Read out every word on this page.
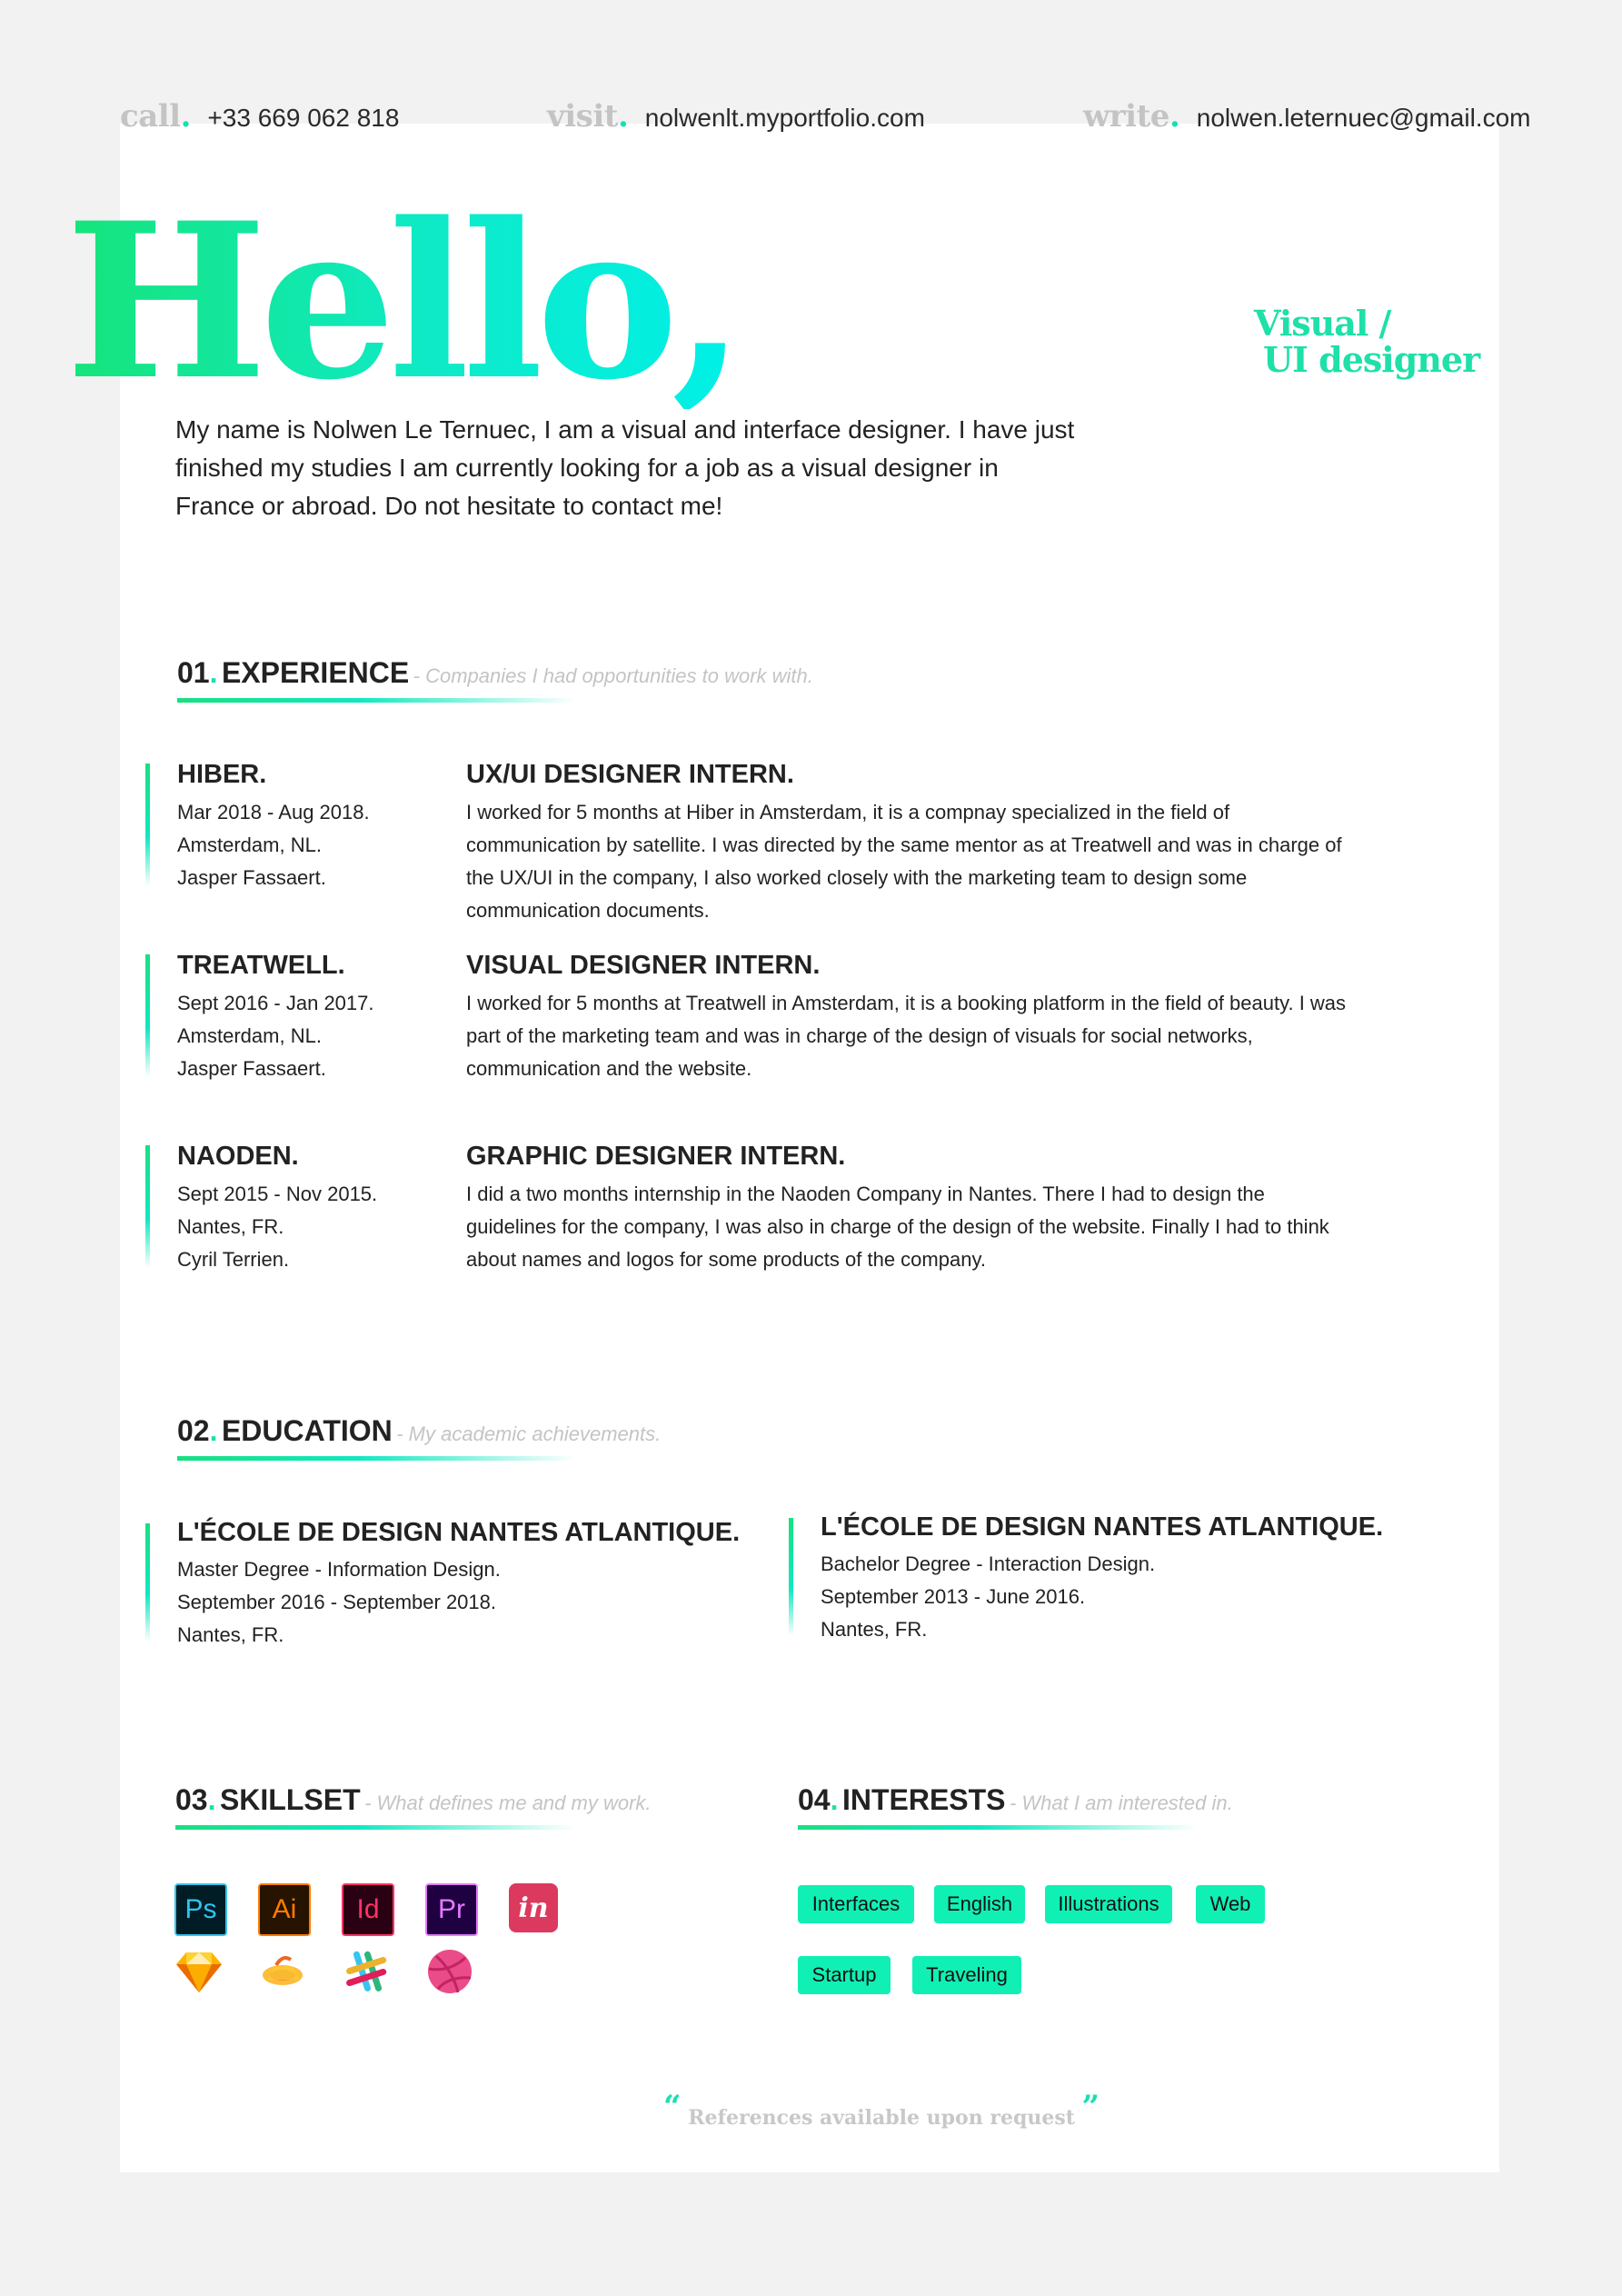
call . +33 669 062 818	visit . nolwenlt.myportfolio.com	write . nolwen.leternuec@gmail.com
Hello,	Visual /
UI designer
My name is Nolwen Le Ternuec, I am a visual and interface designer. I have just finished my studies I am currently looking for a job as a visual designer in France or abroad. Do not hesitate to contact me!
01. EXPERIENCE - Companies I had opportunities to work with.
HIBER.
Mar 2018 - Aug 2018.
Amsterdam, NL.
Jasper Fassaert.
UX/UI DESIGNER INTERN.
I worked for 5 months at Hiber in Amsterdam, it is a compnay specialized in the field of communication by satellite. I was directed by the same mentor as at Treatwell and was in charge of the UX/UI in the company, I also worked closely with the marketing team to design some communication documents.
TREATWELL.
Sept 2016 - Jan 2017.
Amsterdam, NL.
Jasper Fassaert.
VISUAL DESIGNER INTERN.
I worked for 5 months at Treatwell in Amsterdam, it is a booking platform in the field of beauty. I was part of the marketing team and was in charge of the design of visuals for social networks, communication and the website.
NAODEN.
Sept 2015 - Nov 2015.
Nantes, FR.
Cyril Terrien.
GRAPHIC DESIGNER INTERN.
I did a two months internship in the Naoden Company in Nantes. There I had to design the guidelines for the company, I was also in charge of the design of the website. Finally I had to think about names and logos for some products of the company.
02. EDUCATION - My academic achievements.
L'ÉCOLE DE DESIGN NANTES ATLANTIQUE.
Master Degree - Information Design.
September 2016 - September 2018.
Nantes, FR.
L'ÉCOLE DE DESIGN NANTES ATLANTIQUE.
Bachelor Degree - Interaction Design.
September 2013 - June 2016.
Nantes, FR.
03. SKILLSET - What defines me and my work.
Ps	Ai	Id	Pr	in
04. INTERESTS - What I am interested in.
Interfaces	English	Illustrations	Web
Startup	Traveling
“ References available upon request ”
